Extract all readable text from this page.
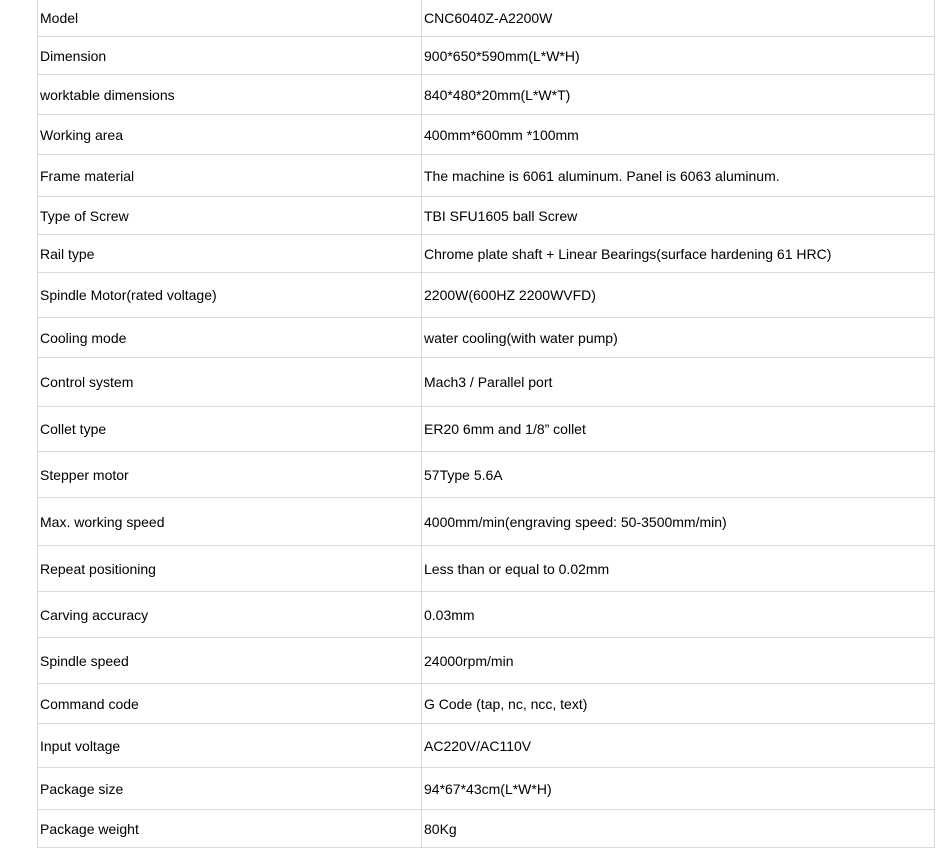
Model	CNC6040Z-A2200W
Dimension	900*650*590mm(L*W*H)
worktable dimensions	840*480*20mm(L*W*T)
Working area	400mm*600mm *100mm
Frame material	The machine is 6061 aluminum. Panel is 6063 aluminum.
Type of Screw	TBI SFU1605 ball Screw
Rail type	Chrome plate shaft + Linear Bearings(surface hardening 61 HRC)
Spindle Motor(rated voltage)	2200W(600HZ 2200WVFD)
Cooling mode	water cooling(with water pump)
Control system	Mach3 / Parallel port
Collet type	ER20 6mm and 1/8” collet
Stepper motor	57Type 5.6A
Max. working speed	4000mm/min(engraving speed: 50-3500mm/min)
Repeat positioning	Less than or equal to 0.02mm
Carving accuracy	0.03mm
Spindle speed	24000rpm/min
Command code	G Code (tap, nc, ncc, text)
Input voltage	AC220V/AC110V
Package size	94*67*43cm(L*W*H)
Package weight	80Kg
